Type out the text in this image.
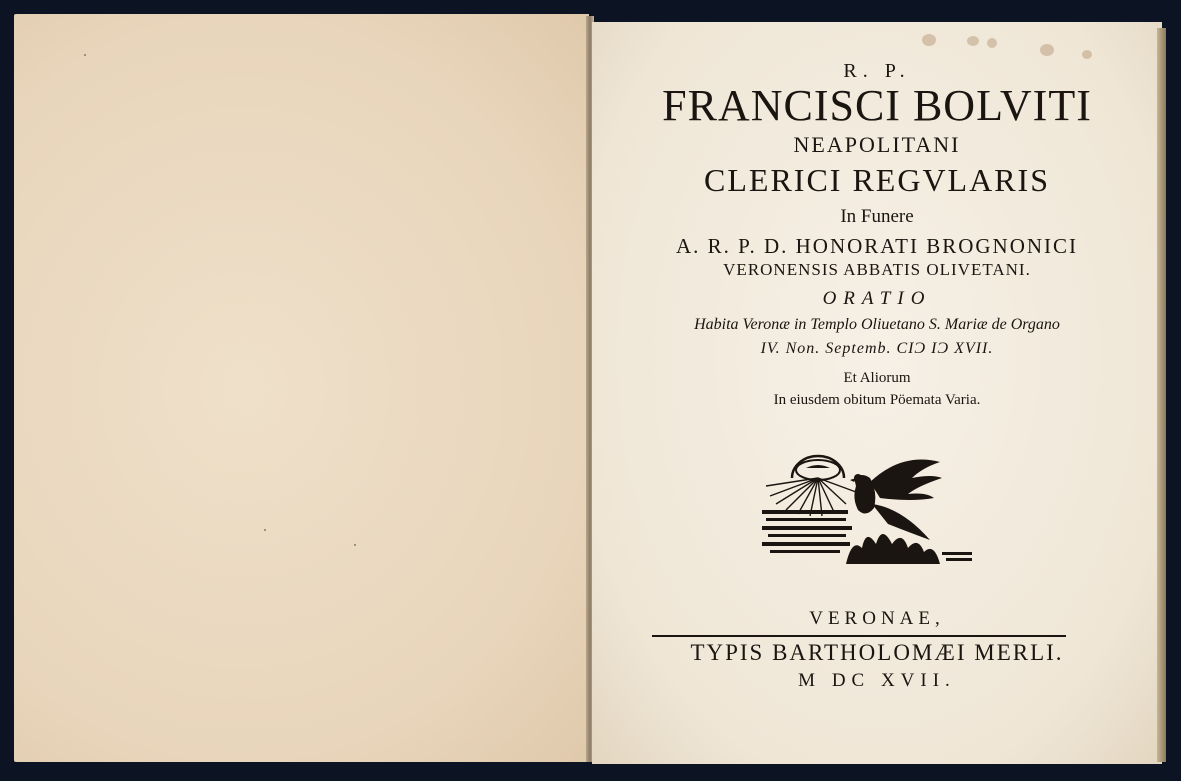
R. P.
FRANCISCI BOLVITI
NEAPOLITANI
CLERICI REGVLARIS
In Funere
A. R. P. D. HONORATI BROGNONICI
VERONENSIS ABBATIS OLIVETANI.
ORATIO
Habita Veronæ in Templo Oliuetano S. Mariæ de Organo
IV. Non. Septemb. CIϽ IϽ XVII.
Et Aliorum
In eiusdem obitum Pöemata Varia.
VERONAE,
TYPIS BARTHOLOMÆI MERLI.
M DC XVII.
